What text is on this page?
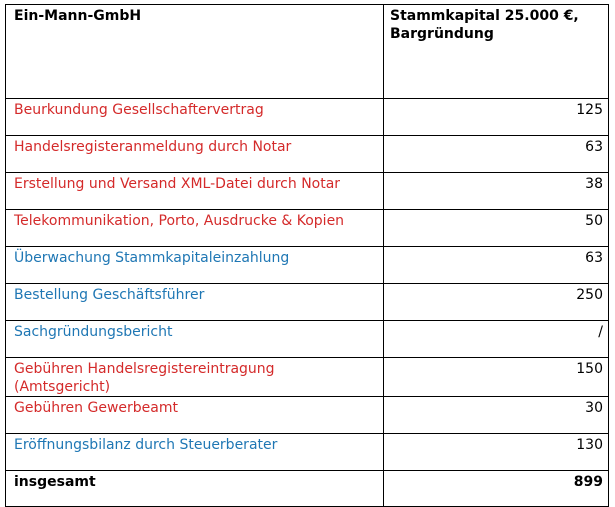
Ein-Mann-GmbH	Stammkapital 25.000 €, Bargründung
Beurkundung Gesellschaftervertrag	125
Handelsregisteranmeldung durch Notar	63
Erstellung und Versand XML-Datei durch Notar	38
Telekommunikation, Porto, Ausdrucke & Kopien	50
Überwachung Stammkapitaleinzahlung	63
Bestellung Geschäftsführer	250
Sachgründungsbericht	/
Gebühren Handelsregistereintragung (Amtsgericht)	150
Gebühren Gewerbeamt	30
Eröffnungsbilanz durch Steuerberater	130
insgesamt	899
